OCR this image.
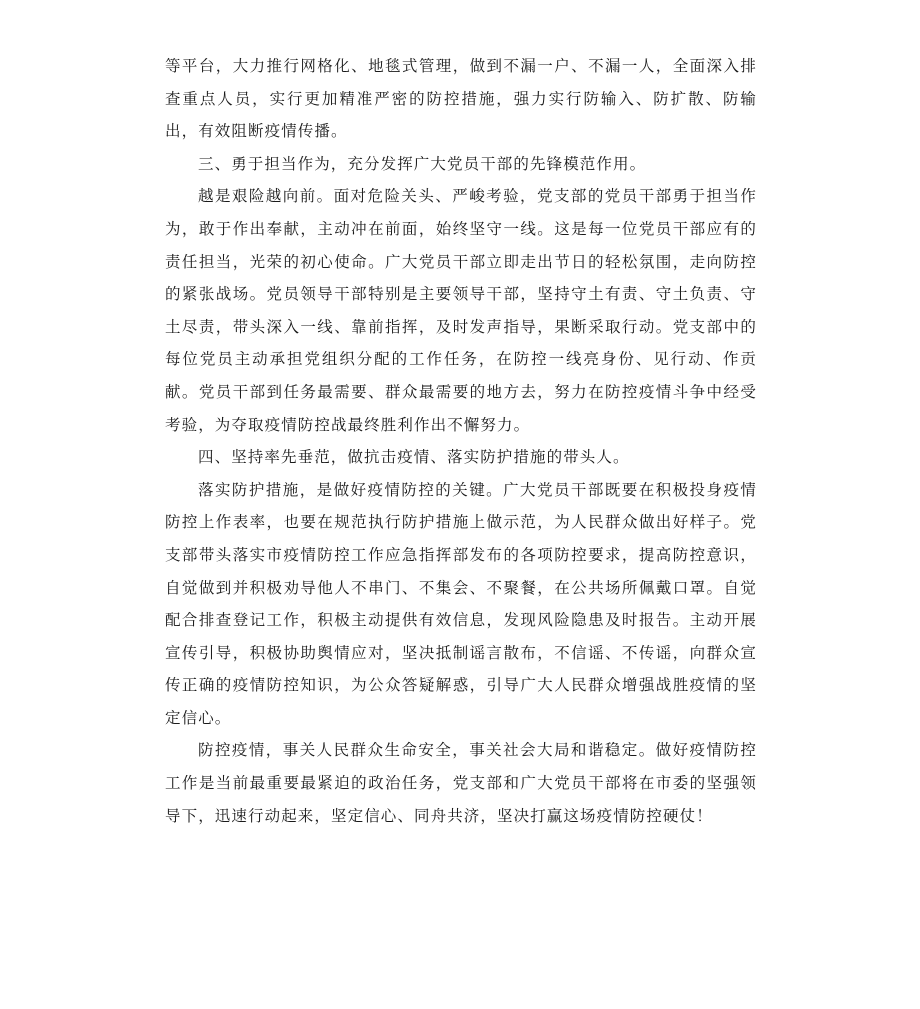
等平台，大力推行网格化、地毯式管理，做到不漏一户、不漏一人，全面深入排查重点人员，实行更加精准严密的防控措施，强力实行防输入、防扩散、防输出，有效阻断疫情传播。

三、勇于担当作为，充分发挥广大党员干部的先锋模范作用。

越是艰险越向前。面对危险关头、严峻考验，党支部的党员干部勇于担当作为，敢于作出奉献，主动冲在前面，始终坚守一线。这是每一位党员干部应有的责任担当，光荣的初心使命。广大党员干部立即走出节日的轻松氛围，走向防控的紧张战场。党员领导干部特别是主要领导干部，坚持守土有责、守土负责、守土尽责，带头深入一线、靠前指挥，及时发声指导，果断采取行动。党支部中的每位党员主动承担党组织分配的工作任务，在防控一线亮身份、见行动、作贡献。党员干部到任务最需要、群众最需要的地方去，努力在防控疫情斗争中经受考验，为夺取疫情防控战最终胜利作出不懈努力。

四、坚持率先垂范，做抗击疫情、落实防护措施的带头人。

落实防护措施，是做好疫情防控的关键。广大党员干部既要在积极投身疫情防控上作表率，也要在规范执行防护措施上做示范，为人民群众做出好样子。党支部带头落实市疫情防控工作应急指挥部发布的各项防控要求，提高防控意识，自觉做到并积极劝导他人不串门、不集会、不聚餐，在公共场所佩戴口罩。自觉配合排查登记工作，积极主动提供有效信息，发现风险隐患及时报告。主动开展宣传引导，积极协助舆情应对，坚决抵制谣言散布，不信谣、不传谣，向群众宣传正确的疫情防控知识，为公众答疑解惑，引导广大人民群众增强战胜疫情的坚定信心。

防控疫情，事关人民群众生命安全，事关社会大局和谐稳定。做好疫情防控工作是当前最重要最紧迫的政治任务，党支部和广大党员干部将在市委的坚强领导下，迅速行动起来，坚定信心、同舟共济，坚决打赢这场疫情防控硬仗！
